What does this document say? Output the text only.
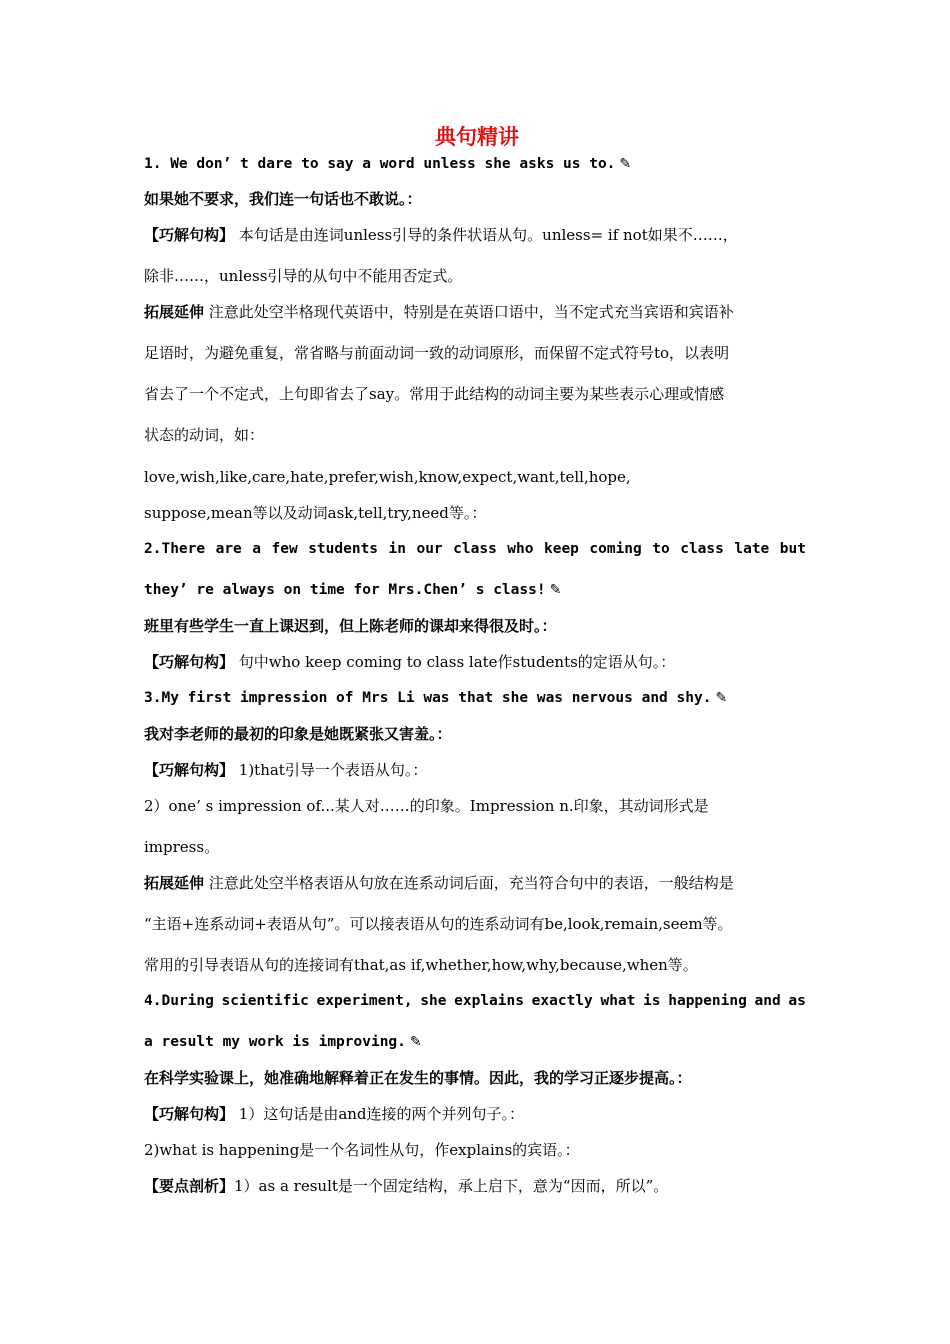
典句精讲
1. We don’ t dare to say a word unless she asks us to. ✎
如果她不要求，我们连一句话也不敢说。：
【巧解句构】 本句话是由连词unless引导的条件状语从句。unless= if not如果不……，
除非……，unless引导的从句中不能用否定式。
拓展延伸 注意此处空半格现代英语中，特别是在英语口语中，当不定式充当宾语和宾语补
足语时，为避免重复，常省略与前面动词一致的动词原形，而保留不定式符号to，以表明
省去了一个不定式，上句即省去了say。常用于此结构的动词主要为某些表示心理或情感
状态的动词，如：
love,wish,like,care,hate,prefer,wish,know,expect,want,tell,hope,
suppose,mean等以及动词ask,tell,try,need等。：
2.There are a few students in our class who keep coming to class late but
they’ re always on time for Mrs.Chen’ s class! ✎
班里有些学生一直上课迟到，但上陈老师的课却来得很及时。：
【巧解句构】 句中who keep coming to class late作students的定语从句。：
3.My first impression of Mrs Li was that she was nervous and shy. ✎
我对李老师的最初的印象是她既紧张又害羞。：
【巧解句构】 1)that引导一个表语从句。：
2）one’ s impression of...某人对……的印象。Impression n.印象，其动词形式是
impress。
拓展延伸 注意此处空半格表语从句放在连系动词后面，充当符合句中的表语，一般结构是
“主语+连系动词+表语从句”。可以接表语从句的连系动词有be,look,remain,seem等。
常用的引导表语从句的连接词有that,as if,whether,how,why,because,when等。
4.During scientific experiment, she explains exactly what is happening and as
a result my work is improving. ✎
在科学实验课上，她准确地解释着正在发生的事情。因此，我的学习正逐步提高。：
【巧解句构】 1）这句话是由and连接的两个并列句子。：
2)what is happening是一个名词性从句，作explains的宾语。：
【要点剖析】1）as a result是一个固定结构，承上启下，意为“因而，所以”。
